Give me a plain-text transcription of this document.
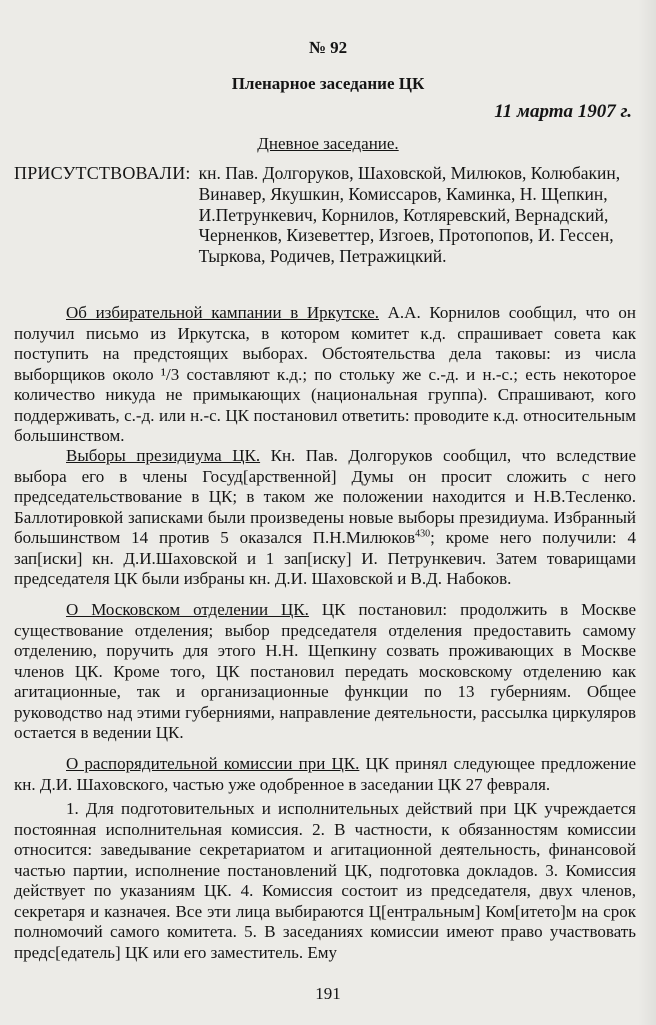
№ 92
Пленарное заседание ЦК
11 марта 1907 г.
Дневное заседание.
ПРИСУТСТВОВАЛИ: кн. Пав. Долгоруков, Шаховской, Милюков, Колюбакин, Винавер, Якушкин, Комиссаров, Каминка, Н. Щепкин, И.Петрункевич, Корнилов, Котляревский, Вернадский, Черненков, Кизеветтер, Изгоев, Протопопов, И. Гессен, Тыркова, Родичев, Петражицкий.

Об избирательной кампании в Иркутске. А.А. Корнилов сообщил, что он получил письмо из Иркутска, в котором комитет к.д. спрашивает совета как поступить на предстоящих выборах. Обстоятельства дела таковы: из числа выборщиков около ¹/3 составляют к.д.; по стольку же с.-д. и н.-с.; есть некоторое количество никуда не примыкающих (национальная группа). Спрашивают, кого поддерживать, с.-д. или н.-с. ЦК постановил ответить: проводите к.д. относительным большинством.

Выборы президиума ЦК. Кн. Пав. Долгоруков сообщил, что вследствие выбора его в члены Госуд[арственной] Думы он просит сложить с него председательствование в ЦК; в таком же положении находится и Н.В.Тесленко. Баллотировкой записками были произведены новые выборы президиума. Избранный большинством 14 против 5 оказался П.Н.Милюков$^{430}$; кроме него получили: 4 зап[иски] кн. Д.И.Шаховской и 1 зап[иску] И. Петрункевич. Затем товарищами председателя ЦК были избраны кн. Д.И. Шаховской и В.Д. Набоков.

О Московском отделении ЦК. ЦК постановил: продолжить в Москве существование отделения; выбор председателя отделения предоставить самому отделению, поручить для этого Н.Н. Щепкину созвать проживающих в Москве членов ЦК. Кроме того, ЦК постановил передать московскому отделению как агитационные, так и организационные функции по 13 губерниям. Общее руководство над этими губерниями, направление деятельности, рассылка циркуляров остается в ведении ЦК.

О распорядительной комиссии при ЦК. ЦК принял следующее предложение кн. Д.И. Шаховского, частью уже одобренное в заседании ЦК 27 февраля.

1. Для подготовительных и исполнительных действий при ЦК учреждается постоянная исполнительная комиссия. 2. В частности, к обязанностям комиссии относится: заведывание секретариатом и агитационной деятельность, финансовой частью партии, исполнение постановлений ЦК, подготовка докладов. 3. Комиссия действует по указаниям ЦК. 4. Комиссия состоит из председателя, двух членов, секретаря и казначея. Все эти лица выбираются Ц[ентральным] Ком[итето]м на срок полномочий самого комитета. 5. В заседаниях комиссии имеют право участвовать предс[едатель] ЦК или его заместитель. Ему

191
